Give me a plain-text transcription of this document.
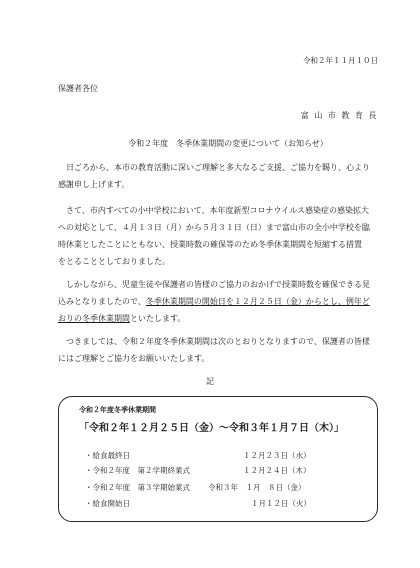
令和２年１１月１０日
保護者各位
富 山 市 教 育 長
令和２年度　冬季休業期間の変更について（お知らせ）
日ごろから、本市の教育活動に深いご理解と多大なるご支援、ご協力を賜り、心より
感謝申し上げます。
さて、市内すべての小中学校において、本年度新型コロナウイルス感染症の感染拡大
への対応として、４月１３日（月）から５月３１日（日）まで富山市の全小中学校を臨
時休業としたことにともない、授業時数の確保等のため冬季休業期間を短縮する措置
をとることとしておりました。
しかしながら、児童生徒や保護者の皆様のご協力のおかげで授業時数を確保できる見
込みとなりましたので、冬季休業期間の開始日を１２月２５日（金）からとし、例年ど
おりの冬季休業期間といたします。
つきましては、令和２年度冬季休業期間は次のとおりとなりますので、保護者の皆様
にはご理解とご協力をお願いいたします。
記
令和２年度冬季休業期間
「令和２年１２月２５日（金）～令和３年１月７日（木）」
・給食最終日	１２月２３日（水）
・令和２年度　第２学期終業式	１２月２４日（木）
・令和２年度　第３学期始業式 令和３年　１月　８日（金）
・給食開始日	１月１２日（火）
